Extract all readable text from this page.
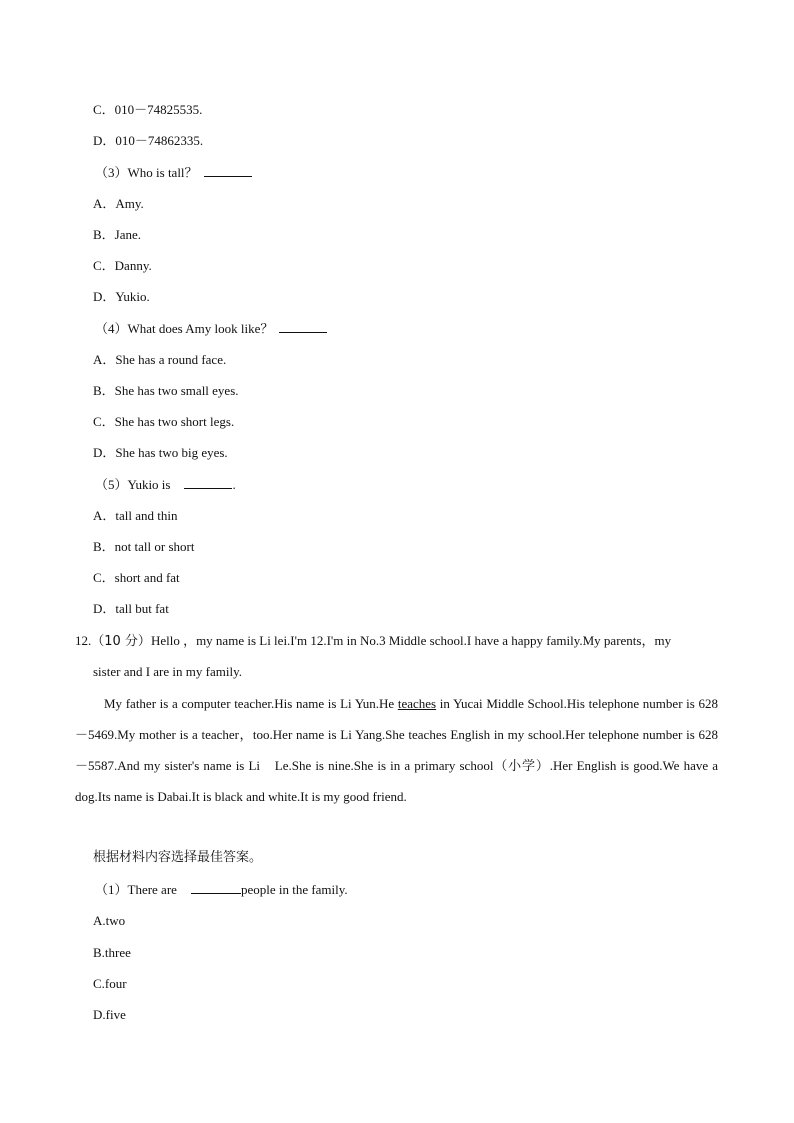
C．010－74825535.
D．010－74862335.
（3）Who is tall？
A．Amy.
B．Jane.
C．Danny.
D．Yukio.
（4）What does Amy look like？
A．She has a round face.
B．She has two small eyes.
C．She has two short legs.
D．She has two big eyes.
（5）Yukio is	.
A．tall and thin
B．not tall or short
C．short and fat
D．tall but fat
12.（10 分）Hello ，my name is Li lei.I'm 12.I'm in No.3 Middle school.I have a happy family.My parents，my
sister and I are in my family.
My father is a computer teacher.His name is Li Yun.He teaches in Yucai Middle School.His telephone number is 628－5469.My mother is a teacher，too.Her name is Li Yang.She teaches English in my school.Her telephone number is 628－5587.And my sister's name is Li　Le.She is nine.She is in a primary school（小学）.Her English is good.We have a dog.Its name is Dabai.It is black and white.It is my good friend.
根据材料内容选择最佳答案。
（1）There are	people in the family.
A.two
B.three
C.four
D.five
